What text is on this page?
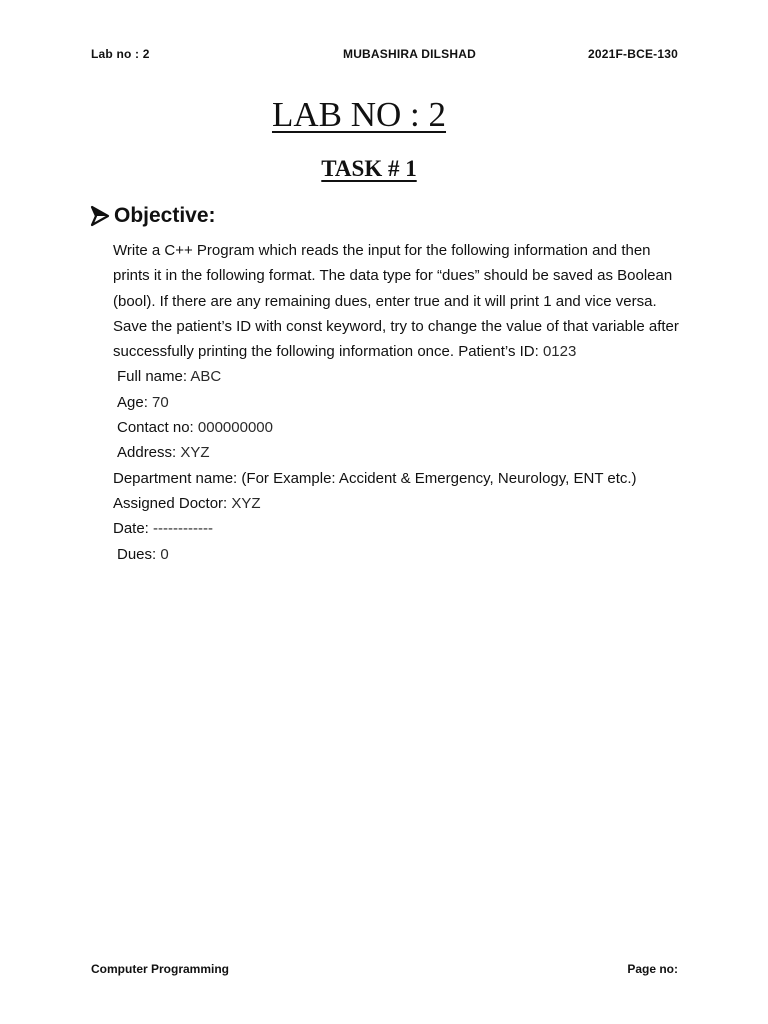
Lab no : 2	MUBASHIRA DILSHAD	2021F-BCE-130
LAB NO : 2
TASK # 1
Objective:

Write a C++ Program which reads the input for the following information and then prints it in the following format. The data type for “dues” should be saved as Boolean (bool). If there are any remaining dues, enter true and it will print 1 and vice versa. Save the patient’s ID with const keyword, try to change the value of that variable after successfully printing the following information once. Patient’s ID: 0123

Full name: ABC
Age: 70
Contact no: 000000000
Address: XYZ
Department name: (For Example: Accident & Emergency, Neurology, ENT etc.)
Assigned Doctor: XYZ
Date: ------------
Dues: 0
Computer Programming	Page no:
